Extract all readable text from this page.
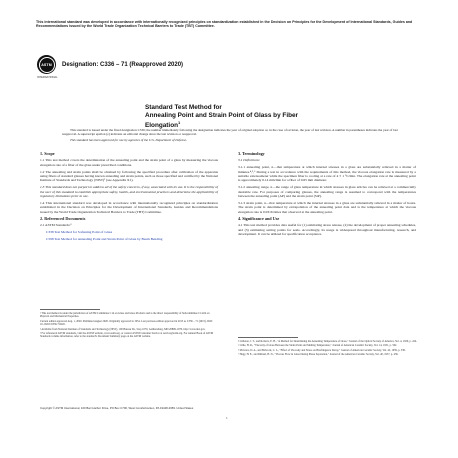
This international standard was developed in accordance with internationally recognized principles on standardization established in the Decision on Principles for the Development of International Standards, Guides and Recommendations issued by the World Trade Organization Technical Barriers to Trade (TBT) Committee.
ASTM
INTERNATIONAL
Designation: C336 – 71 (Reapproved 2020)
Standard Test Method for
Annealing Point and Strain Point of Glass by Fiber
Elongation$^1$

This standard is issued under the fixed designation C336; the number immediately following the designation indicates the year of original adoption or, in the case of revision, the year of last revision. A number in parentheses indicates the year of last reapproval. A superscript epsilon (ε) indicates an editorial change since the last revision or reapproval.

This standard has been approved for use by agencies of the U.S. Department of Defense.

1. Scope

1.1 This test method covers the determination of the annealing point and the strain point of a glass by measuring the viscous elongation rate of a fiber of the glass under prescribed conditions.

1.2 The annealing and strain points shall be obtained by following the specified procedure after calibration of the apparatus using fibers of standard glasses having known annealing and strain points, such as those specified and certified by the National Institute of Standards and Technology (NIST)² (see Appendix X1).

1.3 This standard does not purport to address all of the safety concerns, if any, associated with its use. It is the responsibility of the user of this standard to establish appropriate safety, health, and environmental practices and determine the applicability of regulatory limitations prior to use.

1.4 This international standard was developed in accordance with internationally recognized principles on standardization established in the Decision on Principles for the Development of International Standards, Guides and Recommendations issued by the World Trade Organization Technical Barriers to Trade (TBT) Committee.

2. Referenced Documents

2.1 ASTM Standards:³

C338 Test Method for Softening Point of Glass

C598 Test Method for Annealing Point and Strain Point of Glass by Beam Bending

3. Terminology

3.1 Definitions:

3.1.1 annealing point, n—that temperature at which internal stresses in a glass are substantially relieved in a matter of minutes.⁴,⁵,⁶ During a test in accordance with the requirements of this method, the viscous elongation rate is measured by a suitable extensometer while the specimen fiber is cooling at a rate of 4 ± 1 °C/min. The elongation rate at the annealing point is approximately 0.14 mm/min for a fiber of 0.65 mm diameter.

3.1.2 annealing range, n—the range of glass temperature in which stresses in glass articles can be relieved at a commercially desirable rate. For purposes of comparing glasses, the annealing range is assumed to correspond with the temperatures between the annealing point (AP) and the strain point (StP).

3.1.3 strain point, n—that temperature at which the internal stresses in a glass are substantially relieved in a matter of hours. The strain point is determined by extrapolation of the annealing point data and is the temperature at which the viscous elongation rate is 0.0316 times that observed at the annealing point.

4. Significance and Use

4.1 This test method provides data useful for (1) estimating stress release, (2) the development of proper annealing schedules, and (3) estimating setting points for seals. Accordingly, its usage is widespread throughout manufacturing, research, and development. It can be utilized for specification acceptance.

¹ This test method is under the jurisdiction of ASTM Committee C14 on Glass and Glass Products and is the direct responsibility of Subcommittee C14.04 on Physical and Mechanical Properties.

Current edition approved Aug. 1, 2020. Published August 2020. Originally approved in 1954. Last previous edition approved in 2015 as C336 – 71 (2015). DOI: 10.1520/C0336-71R20.

² Available from National Institute of Standards and Technology (NIST), 100 Bureau Dr., Stop 1070, Gaithersburg, MD 20899-1070, http://www.nist.gov.

³ For referenced ASTM standards, visit the ASTM website, www.astm.org, or contact ASTM Customer Service at service@astm.org. For Annual Book of ASTM Standards volume information, refer to the standard's Document Summary page on the ASTM website.

⁴ Littleton, J. T., and Roberts, E. H., "A Method for Determining the Annealing Temperature of Glass," Journal of the Optical Society of America, Vol. 4, 1920, p. 224.

⁵ Lillie, H. R., "Viscosity of Glass Between the Strain Point and Melting Temperature," Journal of American Ceramic Society, Vol. 14, 1931, p. 502.

⁶ McGraw, D. A., and Babcock, C. L., "Effect of Viscosity and Stress on Birefringence Decay," Journal of American Ceramic Society, Vol. 42, 1959, p. 330.

⁷ Hagy, H. E., and Ritland, H. N., "Viscous Flow in Glass During Phase Separation," Journal of the American Ceramic Society, Vol. 40, 1957, p. 436.

Copyright © ASTM International, 100 Barr Harbor Drive, PO Box C700, West Conshohocken, PA 19428-2959. United States
1
